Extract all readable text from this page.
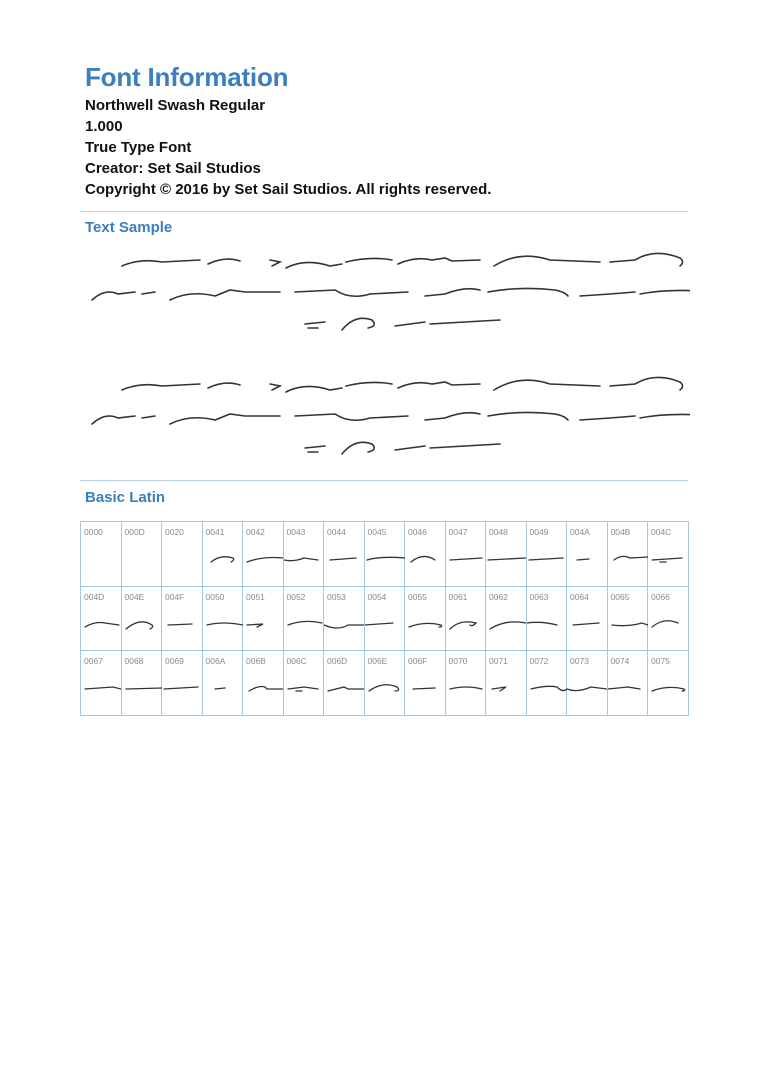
Font Information
Northwell Swash Regular
1.000
True Type Font
Creator: Set Sail Studios
Copyright © 2016 by Set Sail Studios. All rights reserved.
Text Sample
Basic Latin
0000	000D	0020	0041	0042	0043	0044	0045	0046	0047	0048	0049	004A	004B	004C

004D	004E	004F	0050	0051	0052	0053	0054	0055	0061	0062	0063	0064	0065	0066

0067	0068	0069	006A	006B	006C	006D	006E	006F	0070	0071	0072	0073	0074	0075
